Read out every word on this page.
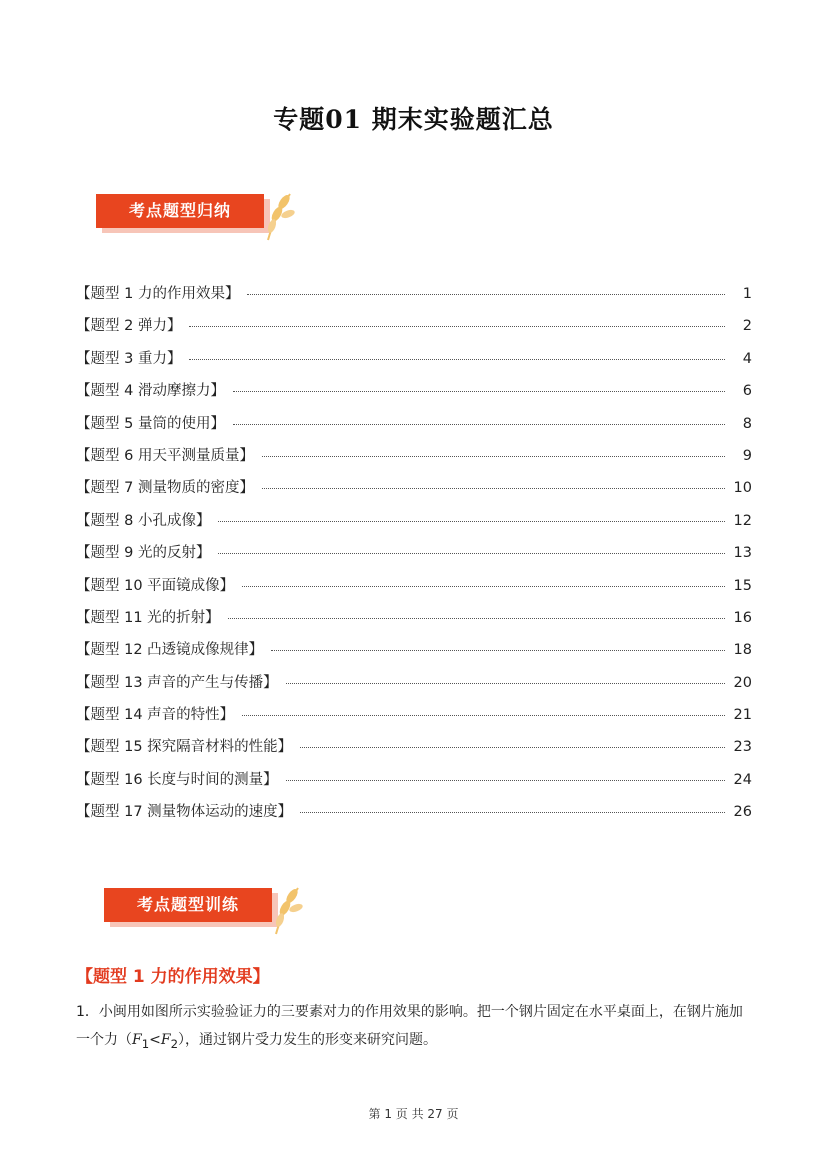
专题01 期末实验题汇总
考点题型归纳
【题型 1 力的作用效果】	1
【题型 2 弹力】	2
【题型 3 重力】	4
【题型 4 滑动摩擦力】	6
【题型 5 量筒的使用】	8
【题型 6 用天平测量质量】	9
【题型 7 测量物质的密度】	10
【题型 8 小孔成像】	12
【题型 9 光的反射】	13
【题型 10 平面镜成像】	15
【题型 11 光的折射】	16
【题型 12 凸透镜成像规律】	18
【题型 13 声音的产生与传播】	20
【题型 14 声音的特性】	21
【题型 15 探究隔音材料的性能】	23
【题型 16 长度与时间的测量】	24
【题型 17 测量物体运动的速度】	26
考点题型训练
【题型 1 力的作用效果】
1．小闽用如图所示实验验证力的三要素对力的作用效果的影响。把一个钢片固定在水平桌面上，在钢片施加一个力$(F_1<F_2)$，通过钢片受力发生的形变来研究问题。
第 1 页 共 27 页
